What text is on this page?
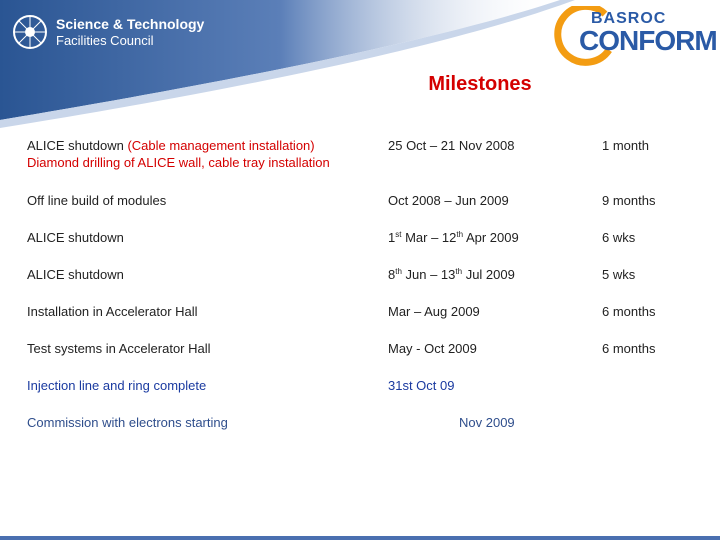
Science & Technology
Facilities Council
BASROC
CONFORM
Milestones
ALICE shutdown (Cable management installation)
Diamond drilling of ALICE wall, cable tray installation
25 Oct – 21 Nov 2008	1 month
Off line build of modules	Oct 2008 – Jun 2009	9 months
ALICE shutdown	1st Mar – 12th Apr 2009	6 wks
ALICE shutdown	8th Jun – 13th Jul 2009	5 wks
Installation in Accelerator Hall	Mar – Aug 2009	6 months
Test systems in Accelerator Hall	May - Oct 2009	6 months
Injection line and ring complete	31st Oct 09
Commission with electrons starting	Nov 2009
